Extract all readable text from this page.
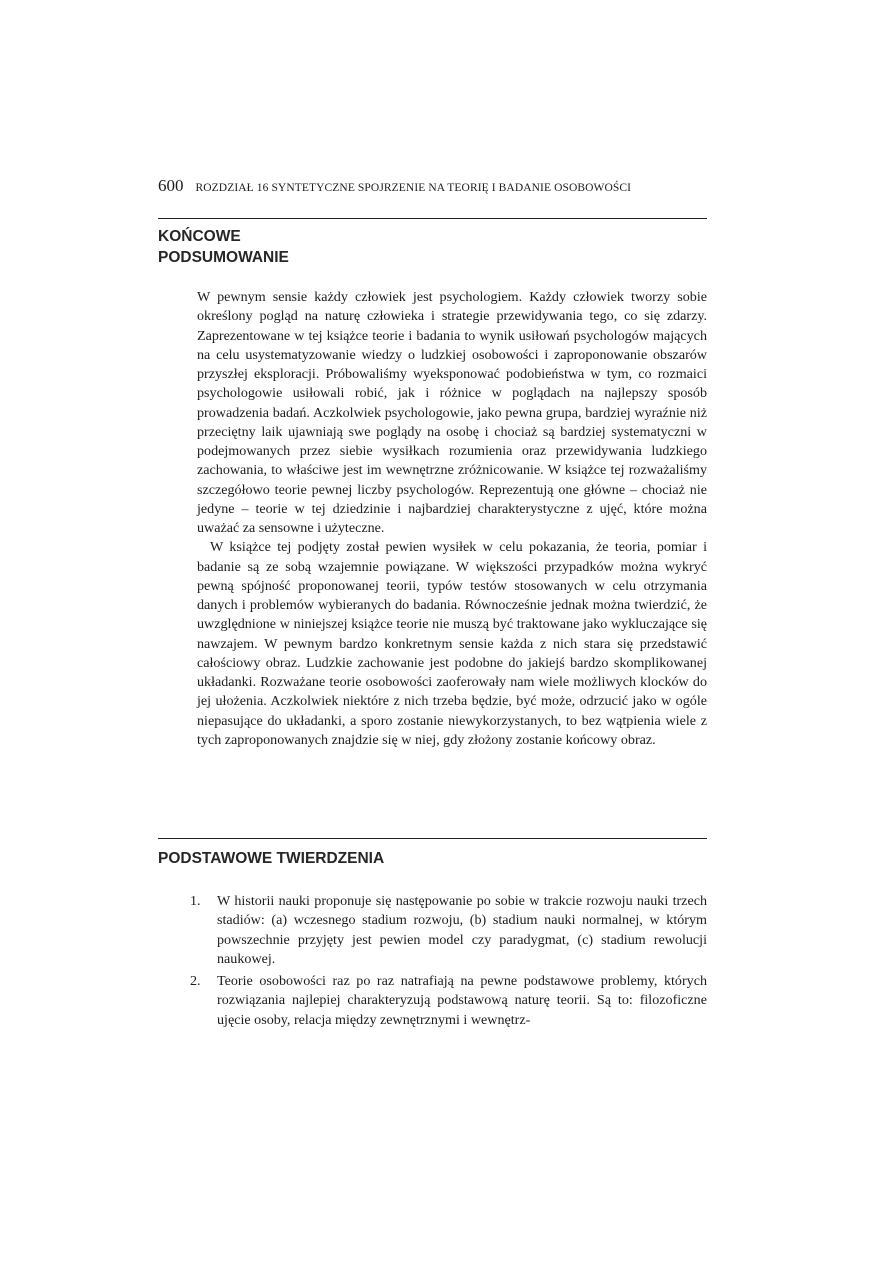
600 ROZDZIAŁ 16 SYNTETYCZNE SPOJRZENIE NA TEORIĘ I BADANIE OSOBOWOŚCI
KOŃCOWE
PODSUMOWANIE

W pewnym sensie każdy człowiek jest psychologiem. Każdy człowiek tworzy sobie określony pogląd na naturę człowieka i strategie przewidywania tego, co się zdarzy. Zaprezentowane w tej książce teorie i badania to wynik usiłowań psychologów mających na celu usystematyzowanie wiedzy o ludzkiej osobowości i zaproponowanie obszarów przyszłej eksploracji. Próbowaliśmy wyeksponować podobieństwa w tym, co rozmaici psychologowie usiłowali robić, jak i różnice w poglądach na najlepszy sposób prowadzenia badań. Aczkolwiek psychologowie, jako pewna grupa, bardziej wyraźnie niż przeciętny laik ujawniają swe poglądy na osobę i chociaż są bardziej systematyczni w podejmowanych przez siebie wysiłkach rozumienia oraz przewidywania ludzkiego zachowania, to właściwe jest im wewnętrzne zróżnicowanie. W książce tej rozważaliśmy szczegółowo teorie pewnej liczby psychologów. Reprezentują one główne – chociaż nie jedyne – teorie w tej dziedzinie i najbardziej charakterystyczne z ujęć, które można uważać za sensowne i użyteczne.

W książce tej podjęty został pewien wysiłek w celu pokazania, że teoria, pomiar i badanie są ze sobą wzajemnie powiązane. W większości przypadków można wykryć pewną spójność proponowanej teorii, typów testów stosowanych w celu otrzymania danych i problemów wybieranych do badania. Równocześnie jednak można twierdzić, że uwzględnione w niniejszej książce teorie nie muszą być traktowane jako wykluczające się nawzajem. W pewnym bardzo konkretnym sensie każda z nich stara się przedstawić całościowy obraz. Ludzkie zachowanie jest podobne do jakiejś bardzo skomplikowanej układanki. Rozważane teorie osobowości zaoferowały nam wiele możliwych klocków do jej ułożenia. Aczkolwiek niektóre z nich trzeba będzie, być może, odrzucić jako w ogóle niepasujące do układanki, a sporo zostanie niewykorzystanych, to bez wątpienia wiele z tych zaproponowanych znajdzie się w niej, gdy złożony zostanie końcowy obraz.

PODSTAWOWE TWIERDZENIA
1. W historii nauki proponuje się następowanie po sobie w trakcie rozwoju nauki trzech stadiów: (a) wczesnego stadium rozwoju, (b) stadium nauki normalnej, w którym powszechnie przyjęty jest pewien model czy paradygmat, (c) stadium rewolucji naukowej.
2. Teorie osobowości raz po raz natrafiają na pewne podstawowe problemy, których rozwiązania najlepiej charakteryzują podstawową naturę teorii. Są to: filozoficzne ujęcie osoby, relacja między zewnętrznymi i wewnętrz-
